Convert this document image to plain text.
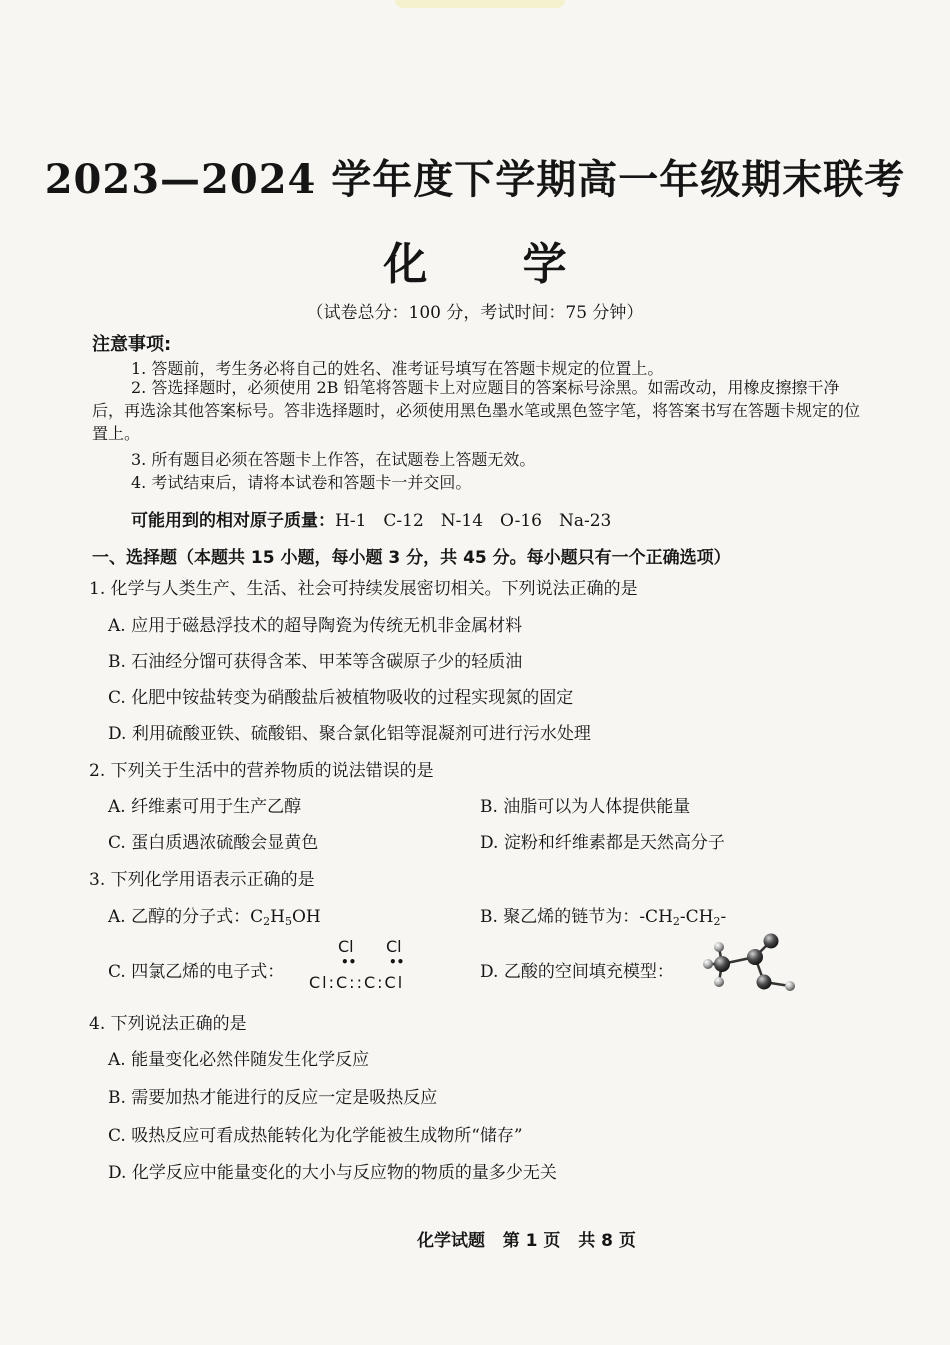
2023—2024 学年度下学期高一年级期末联考
化 学
（试卷总分：100 分，考试时间：75 分钟）
注意事项:
1. 答题前，考生务必将自己的姓名、准考证号填写在答题卡规定的位置上。
2. 答选择题时，必须使用 2B 铅笔将答题卡上对应题目的答案标号涂黑。如需改动，用橡皮擦擦干净后，再选涂其他答案标号。答非选择题时，必须使用黑色墨水笔或黑色签字笔，将答案书写在答题卡规定的位置上。
3. 所有题目必须在答题卡上作答，在试题卷上答题无效。
4. 考试结束后，请将本试卷和答题卡一并交回。
可能用到的相对原子质量：H-1　C-12　N-14　O-16　Na-23
一、选择题（本题共 15 小题，每小题 3 分，共 45 分。每小题只有一个正确选项）
1. 化学与人类生产、生活、社会可持续发展密切相关。下列说法正确的是
A. 应用于磁悬浮技术的超导陶瓷为传统无机非金属材料
B. 石油经分馏可获得含苯、甲苯等含碳原子少的轻质油
C. 化肥中铵盐转变为硝酸盐后被植物吸收的过程实现氮的固定
D. 利用硫酸亚铁、硫酸铝、聚合氯化铝等混凝剂可进行污水处理
2. 下列关于生活中的营养物质的说法错误的是
A. 纤维素可用于生产乙醇	B. 油脂可以为人体提供能量
C. 蛋白质遇浓硫酸会显黄色	D. 淀粉和纤维素都是天然高分子
3. 下列化学用语表示正确的是
A. 乙醇的分子式：$C_2H_5OH$	B. 聚乙烯的链节为：$-CH_2-CH_2-$
C. 四氯乙烯的电子式：
Cl Cl
••	••
Cl:C::C:Cl
D. 乙酸的空间填充模型：
4. 下列说法正确的是
A. 能量变化必然伴随发生化学反应
B. 需要加热才能进行的反应一定是吸热反应
C. 吸热反应可看成热能转化为化学能被生成物所“储存”
D. 化学反应中能量变化的大小与反应物的物质的量多少无关
化学试题 第 1 页 共 8 页
